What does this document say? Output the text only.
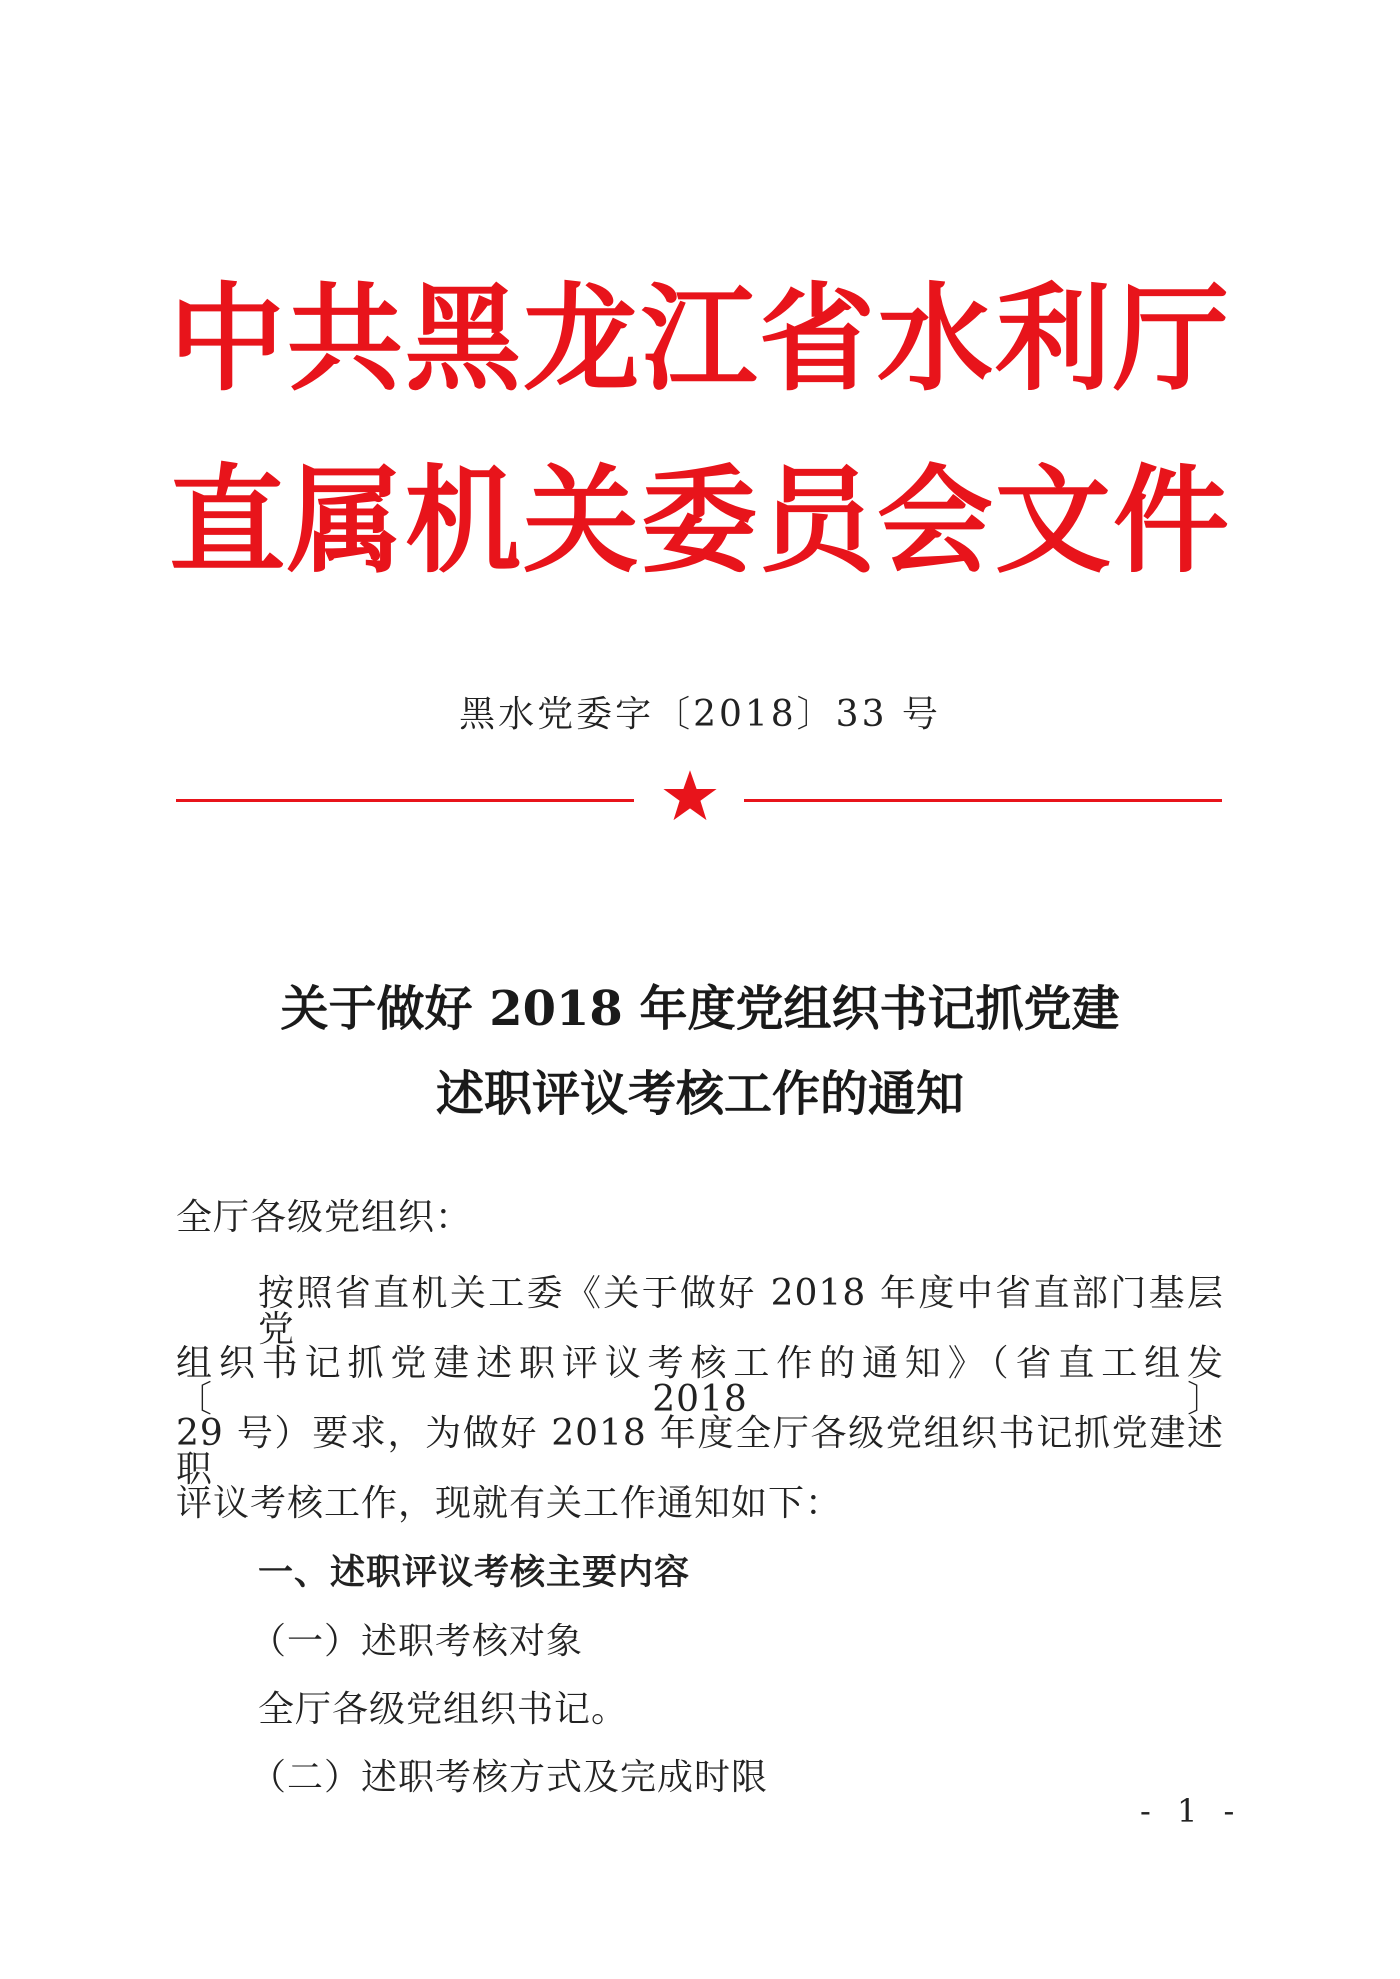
中共黑龙江省水利厅
直属机关委员会文件
黑水党委字〔2018〕33 号
关于做好 2018 年度党组织书记抓党建
述职评议考核工作的通知
全厅各级党组织：
按照省直机关工委《关于做好 2018 年度中省直部门基层党
组织书记抓党建述职评议考核工作的通知》（省直工组发〔2018〕
29 号）要求，为做好 2018 年度全厅各级党组织书记抓党建述职
评议考核工作，现就有关工作通知如下：
一、述职评议考核主要内容
（一）述职考核对象
全厅各级党组织书记。
（二）述职考核方式及完成时限
- 1 -
